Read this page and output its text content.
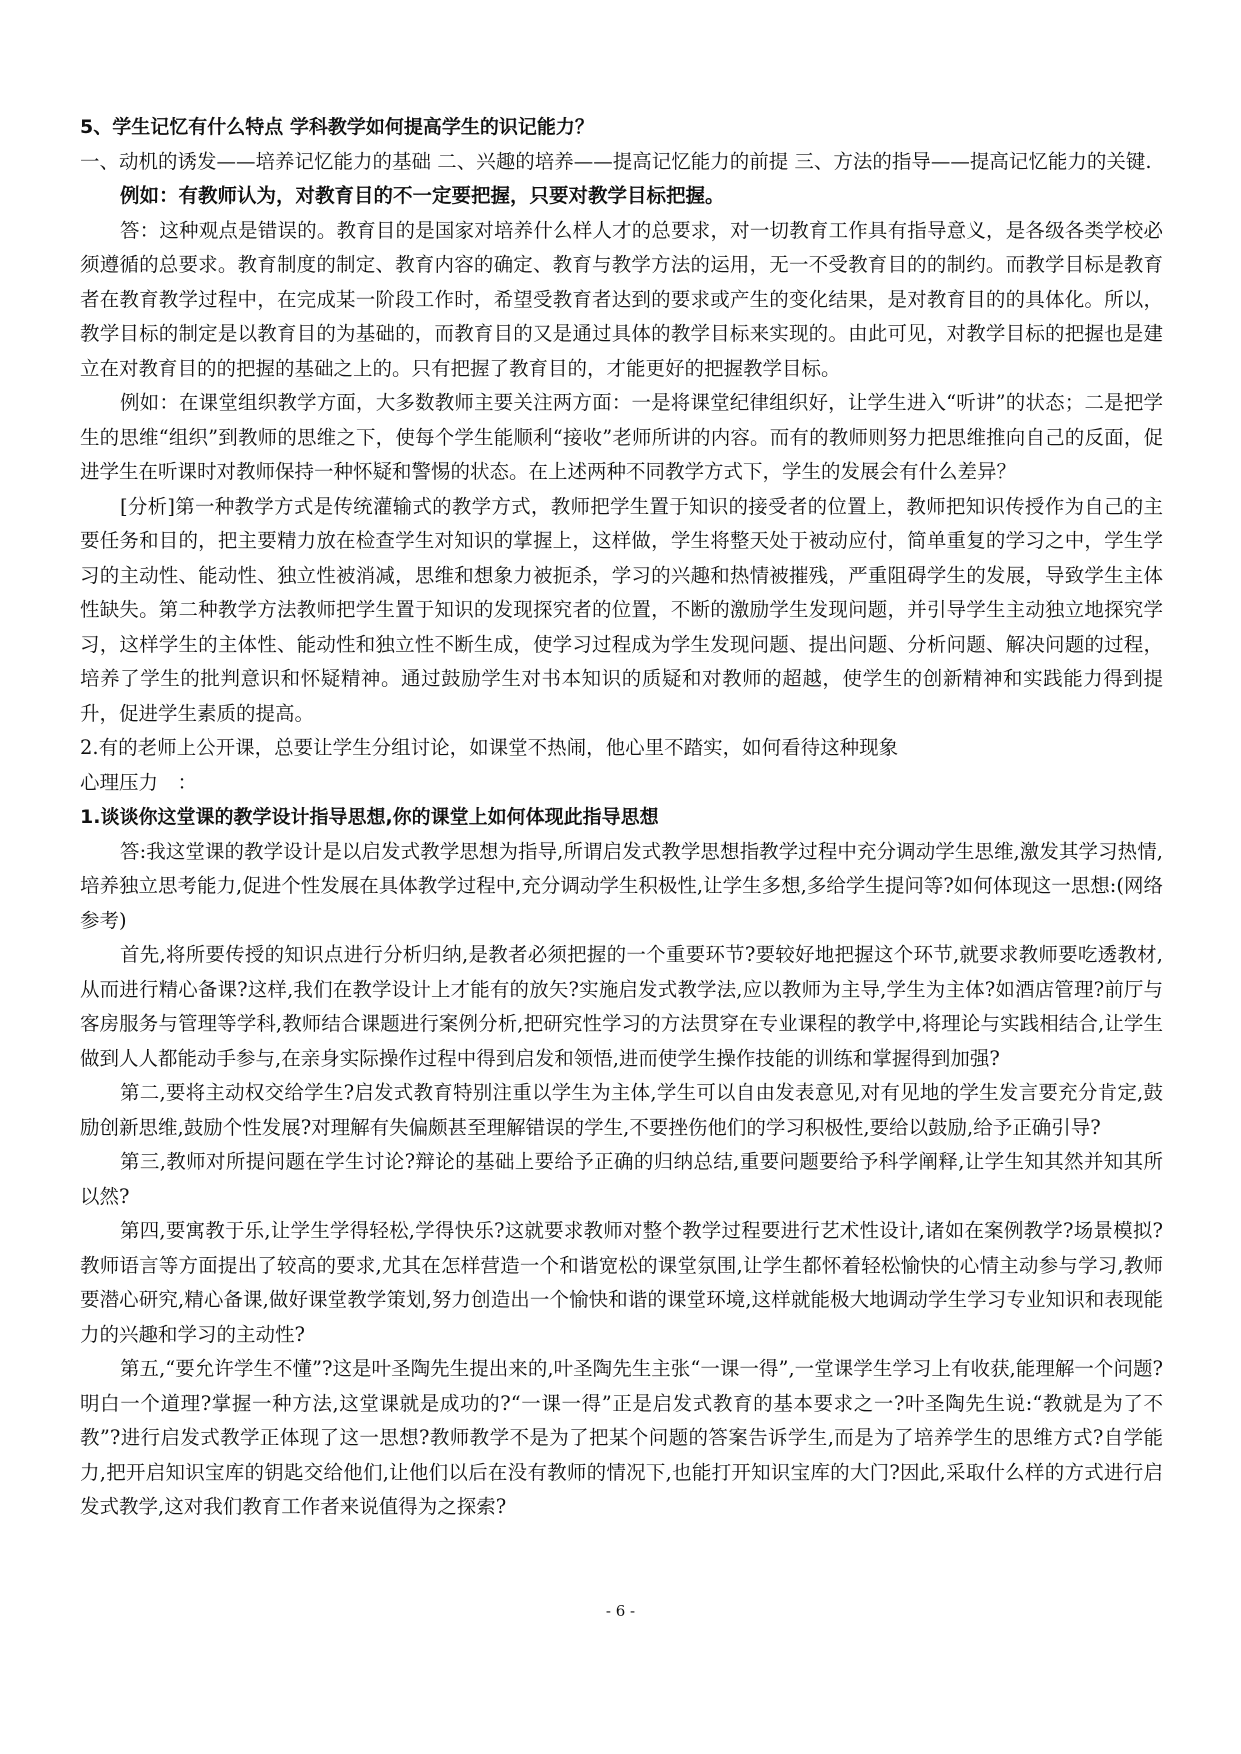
5、学生记忆有什么特点 学科教学如何提高学生的识记能力？

一、动机的诱发——培养记忆能力的基础 二、兴趣的培养——提高记忆能力的前提 三、方法的指导——提高记忆能力的关键.

例如：有教师认为，对教育目的不一定要把握，只要对教学目标把握。

答：这种观点是错误的。教育目的是国家对培养什么样人才的总要求，对一切教育工作具有指导意义，是各级各类学校必须遵循的总要求。教育制度的制定、教育内容的确定、教育与教学方法的运用，无一不受教育目的的制约。而教学目标是教育者在教育教学过程中，在完成某一阶段工作时，希望受教育者达到的要求或产生的变化结果，是对教育目的的具体化。所以，教学目标的制定是以教育目的为基础的，而教育目的又是通过具体的教学目标来实现的。由此可见，对教学目标的把握也是建立在对教育目的的把握的基础之上的。只有把握了教育目的，才能更好的把握教学目标。

例如：在课堂组织教学方面，大多数教师主要关注两方面：一是将课堂纪律组织好，让学生进入“听讲”的状态；二是把学生的思维“组织”到教师的思维之下，使每个学生能顺利“接收”老师所讲的内容。而有的教师则努力把思维推向自己的反面，促进学生在听课时对教师保持一种怀疑和警惕的状态。在上述两种不同教学方式下，学生的发展会有什么差异？

[分析]第一种教学方式是传统灌输式的教学方式，教师把学生置于知识的接受者的位置上，教师把知识传授作为自己的主要任务和目的，把主要精力放在检查学生对知识的掌握上，这样做，学生将整天处于被动应付，简单重复的学习之中，学生学习的主动性、能动性、独立性被消减，思维和想象力被扼杀，学习的兴趣和热情被摧残，严重阻碍学生的发展，导致学生主体性缺失。第二种教学方法教师把学生置于知识的发现探究者的位置，不断的激励学生发现问题，并引导学生主动独立地探究学习，这样学生的主体性、能动性和独立性不断生成，使学习过程成为学生发现问题、提出问题、分析问题、解决问题的过程，培养了学生的批判意识和怀疑精神。通过鼓励学生对书本知识的质疑和对教师的超越，使学生的创新精神和实践能力得到提升，促进学生素质的提高。

2.有的老师上公开课，总要让学生分组讨论，如课堂不热闹，他心里不踏实，如何看待这种现象

心理压力　：

1.谈谈你这堂课的教学设计指导思想,你的课堂上如何体现此指导思想

答:我这堂课的教学设计是以启发式教学思想为指导,所谓启发式教学思想指教学过程中充分调动学生思维,激发其学习热情,培养独立思考能力,促进个性发展在具体教学过程中,充分调动学生积极性,让学生多想,多给学生提问等?如何体现这一思想:(网络参考)

首先,将所要传授的知识点进行分析归纳,是教者必须把握的一个重要环节?要较好地把握这个环节,就要求教师要吃透教材,从而进行精心备课?这样,我们在教学设计上才能有的放矢?实施启发式教学法,应以教师为主导,学生为主体?如酒店管理?前厅与客房服务与管理等学科,教师结合课题进行案例分析,把研究性学习的方法贯穿在专业课程的教学中,将理论与实践相结合,让学生做到人人都能动手参与,在亲身实际操作过程中得到启发和领悟,进而使学生操作技能的训练和掌握得到加强?

第二,要将主动权交给学生?启发式教育特别注重以学生为主体,学生可以自由发表意见,对有见地的学生发言要充分肯定,鼓励创新思维,鼓励个性发展?对理解有失偏颇甚至理解错误的学生,不要挫伤他们的学习积极性,要给以鼓励,给予正确引导?

第三,教师对所提问题在学生讨论?辩论的基础上要给予正确的归纳总结,重要问题要给予科学阐释,让学生知其然并知其所以然?

第四,要寓教于乐,让学生学得轻松,学得快乐?这就要求教师对整个教学过程要进行艺术性设计,诸如在案例教学?场景模拟?教师语言等方面提出了较高的要求,尤其在怎样营造一个和谐宽松的课堂氛围,让学生都怀着轻松愉快的心情主动参与学习,教师要潜心研究,精心备课,做好课堂教学策划,努力创造出一个愉快和谐的课堂环境,这样就能极大地调动学生学习专业知识和表现能力的兴趣和学习的主动性?

第五,“要允许学生不懂”?这是叶圣陶先生提出来的,叶圣陶先生主张“一课一得”,一堂课学生学习上有收获,能理解一个问题?明白一个道理?掌握一种方法,这堂课就是成功的?“一课一得”正是启发式教育的基本要求之一?叶圣陶先生说:“教就是为了不教”?进行启发式教学正体现了这一思想?教师教学不是为了把某个问题的答案告诉学生,而是为了培养学生的思维方式?自学能力,把开启知识宝库的钥匙交给他们,让他们以后在没有教师的情况下,也能打开知识宝库的大门?因此,采取什么样的方式进行启发式教学,这对我们教育工作者来说值得为之探索?

- 6 -
